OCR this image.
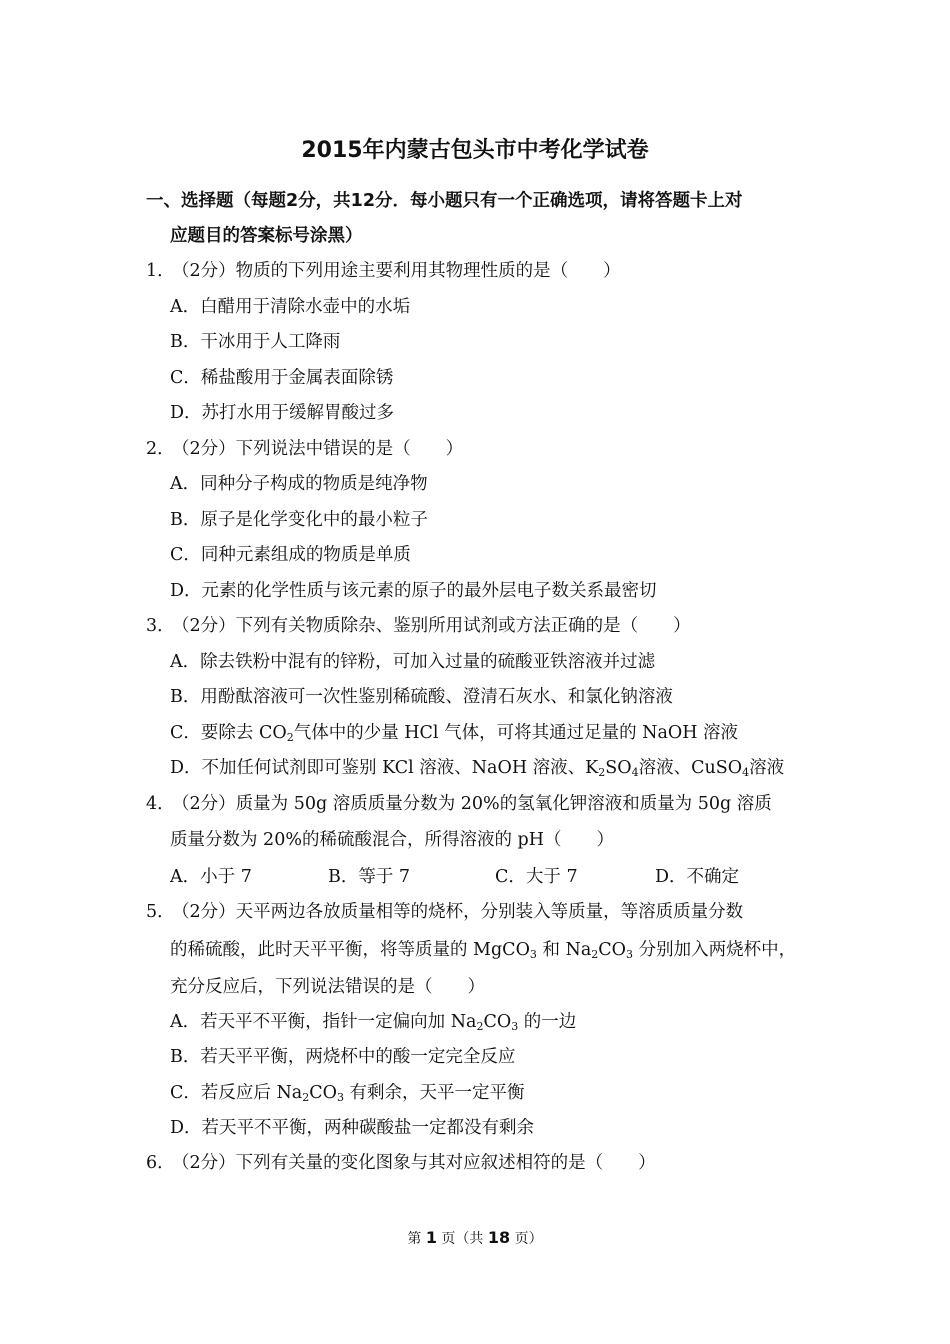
2015年内蒙古包头市中考化学试卷
一、选择题（每题2分，共12分．每小题只有一个正确选项，请将答题卡上对
应题目的答案标号涂黑）
1．（2分）物质的下列用途主要利用其物理性质的是（　　）
A．白醋用于清除水壶中的水垢
B．干冰用于人工降雨
C．稀盐酸用于金属表面除锈
D．苏打水用于缓解胃酸过多
2．（2分）下列说法中错误的是（　　）
A．同种分子构成的物质是纯净物
B．原子是化学变化中的最小粒子
C．同种元素组成的物质是单质
D．元素的化学性质与该元素的原子的最外层电子数关系最密切
3．（2分）下列有关物质除杂、鉴别所用试剂或方法正确的是（　　）
A．除去铁粉中混有的锌粉，可加入过量的硫酸亚铁溶液并过滤
B．用酚酞溶液可一次性鉴别稀硫酸、澄清石灰水、和氯化钠溶液
C．要除去 $CO_2$气体中的少量 HCl 气体，可将其通过足量的 NaOH 溶液
D．不加任何试剂即可鉴别 KCl 溶液、NaOH 溶液、$K_2SO_4$溶液、CuSO$_4$溶液
4．（2分）质量为 50g 溶质质量分数为 20%的氢氧化钾溶液和质量为 50g 溶质
质量分数为 20%的稀硫酸混合，所得溶液的 pH（　　）
A．小于 7	B．等于 7	C．大于 7	D．不确定
5．（2分）天平两边各放质量相等的烧杯，分别装入等质量，等溶质质量分数
的稀硫酸，此时天平平衡，将等质量的 MgCO$_3$ 和 $Na_2CO_3$ 分别加入两烧杯中，
充分反应后，下列说法错误的是（　　）
A．若天平不平衡，指针一定偏向加 $Na_2CO_3$ 的一边
B．若天平平衡，两烧杯中的酸一定完全反应
C．若反应后 $Na_2CO_3$ 有剩余，天平一定平衡
D．若天平不平衡，两种碳酸盐一定都没有剩余
6．（2分）下列有关量的变化图象与其对应叙述相符的是（　　）
第 1 页（共 18 页）
